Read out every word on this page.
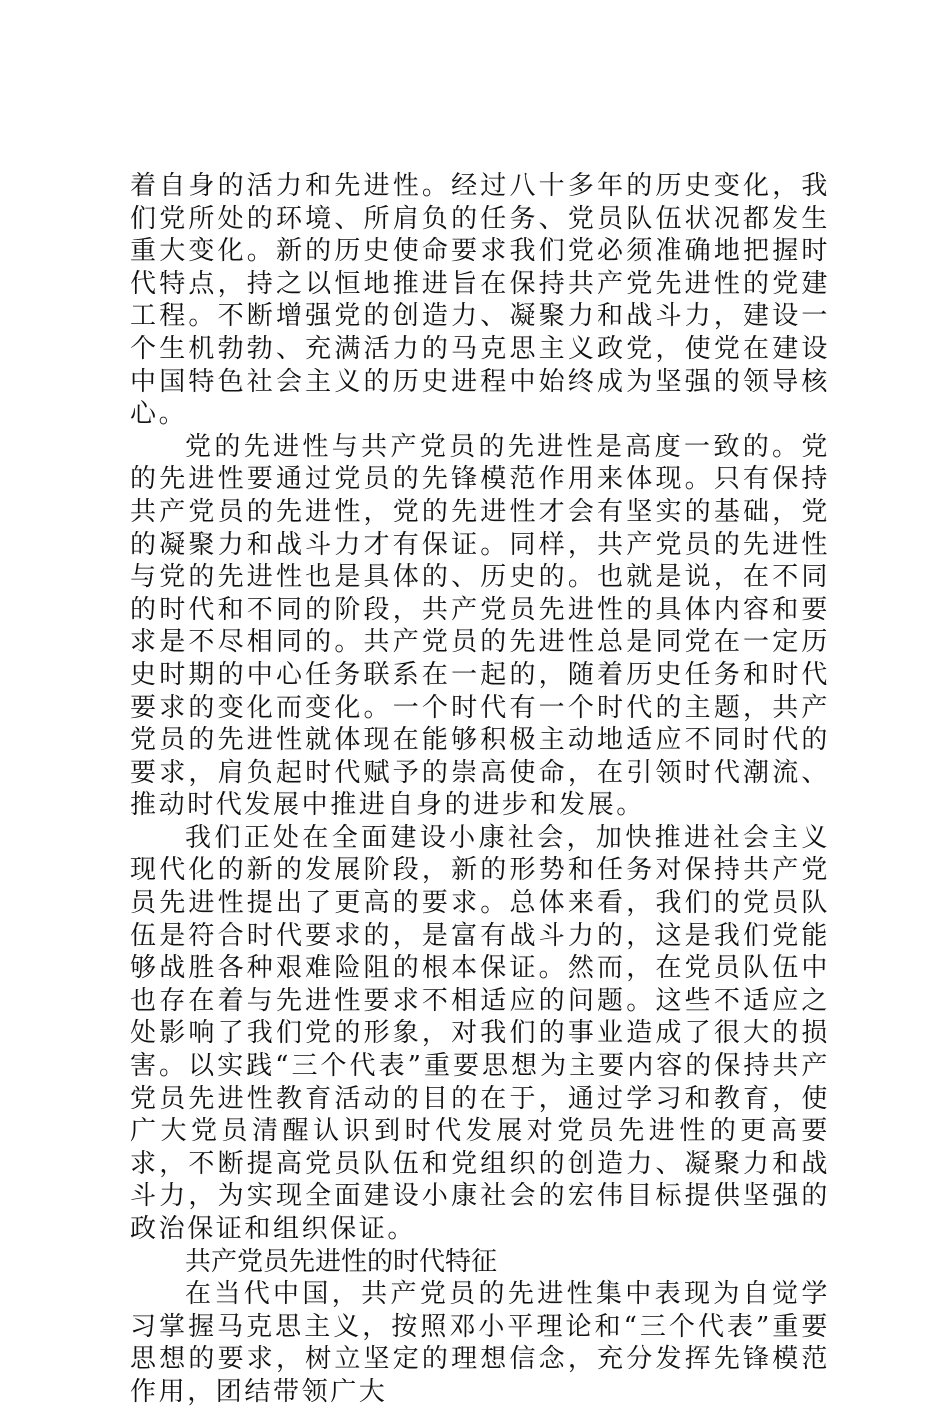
着自身的活力和先进性。经过八十多年的历史变化，我们党所处的环境、所肩负的任务、党员队伍状况都发生重大变化。新的历史使命要求我们党必须准确地把握时代特点，持之以恒地推进旨在保持共产党先进性的党建工程。不断增强党的创造力、凝聚力和战斗力，建设一个生机勃勃、充满活力的马克思主义政党，使党在建设中国特色社会主义的历史进程中始终成为坚强的领导核心。

党的先进性与共产党员的先进性是高度一致的。党的先进性要通过党员的先锋模范作用来体现。只有保持共产党员的先进性，党的先进性才会有坚实的基础，党的凝聚力和战斗力才有保证。同样，共产党员的先进性与党的先进性也是具体的、历史的。也就是说，在不同的时代和不同的阶段，共产党员先进性的具体内容和要求是不尽相同的。共产党员的先进性总是同党在一定历史时期的中心任务联系在一起的，随着历史任务和时代要求的变化而变化。一个时代有一个时代的主题，共产党员的先进性就体现在能够积极主动地适应不同时代的要求，肩负起时代赋予的崇高使命，在引领时代潮流、推动时代发展中推进自身的进步和发展。

我们正处在全面建设小康社会，加快推进社会主义现代化的新的发展阶段，新的形势和任务对保持共产党员先进性提出了更高的要求。总体来看，我们的党员队伍是符合时代要求的，是富有战斗力的，这是我们党能够战胜各种艰难险阻的根本保证。然而，在党员队伍中也存在着与先进性要求不相适应的问题。这些不适应之处影响了我们党的形象，对我们的事业造成了很大的损害。以实践“三个代表”重要思想为主要内容的保持共产党员先进性教育活动的目的在于，通过学习和教育，使广大党员清醒认识到时代发展对党员先进性的更高要求，不断提高党员队伍和党组织的创造力、凝聚力和战斗力，为实现全面建设小康社会的宏伟目标提供坚强的政治保证和组织保证。

共产党员先进性的时代特征

在当代中国，共产党员的先进性集中表现为自觉学习掌握马克思主义，按照邓小平理论和“三个代表”重要思想的要求，树立坚定的理想信念，充分发挥先锋模范作用，团结带领广大
